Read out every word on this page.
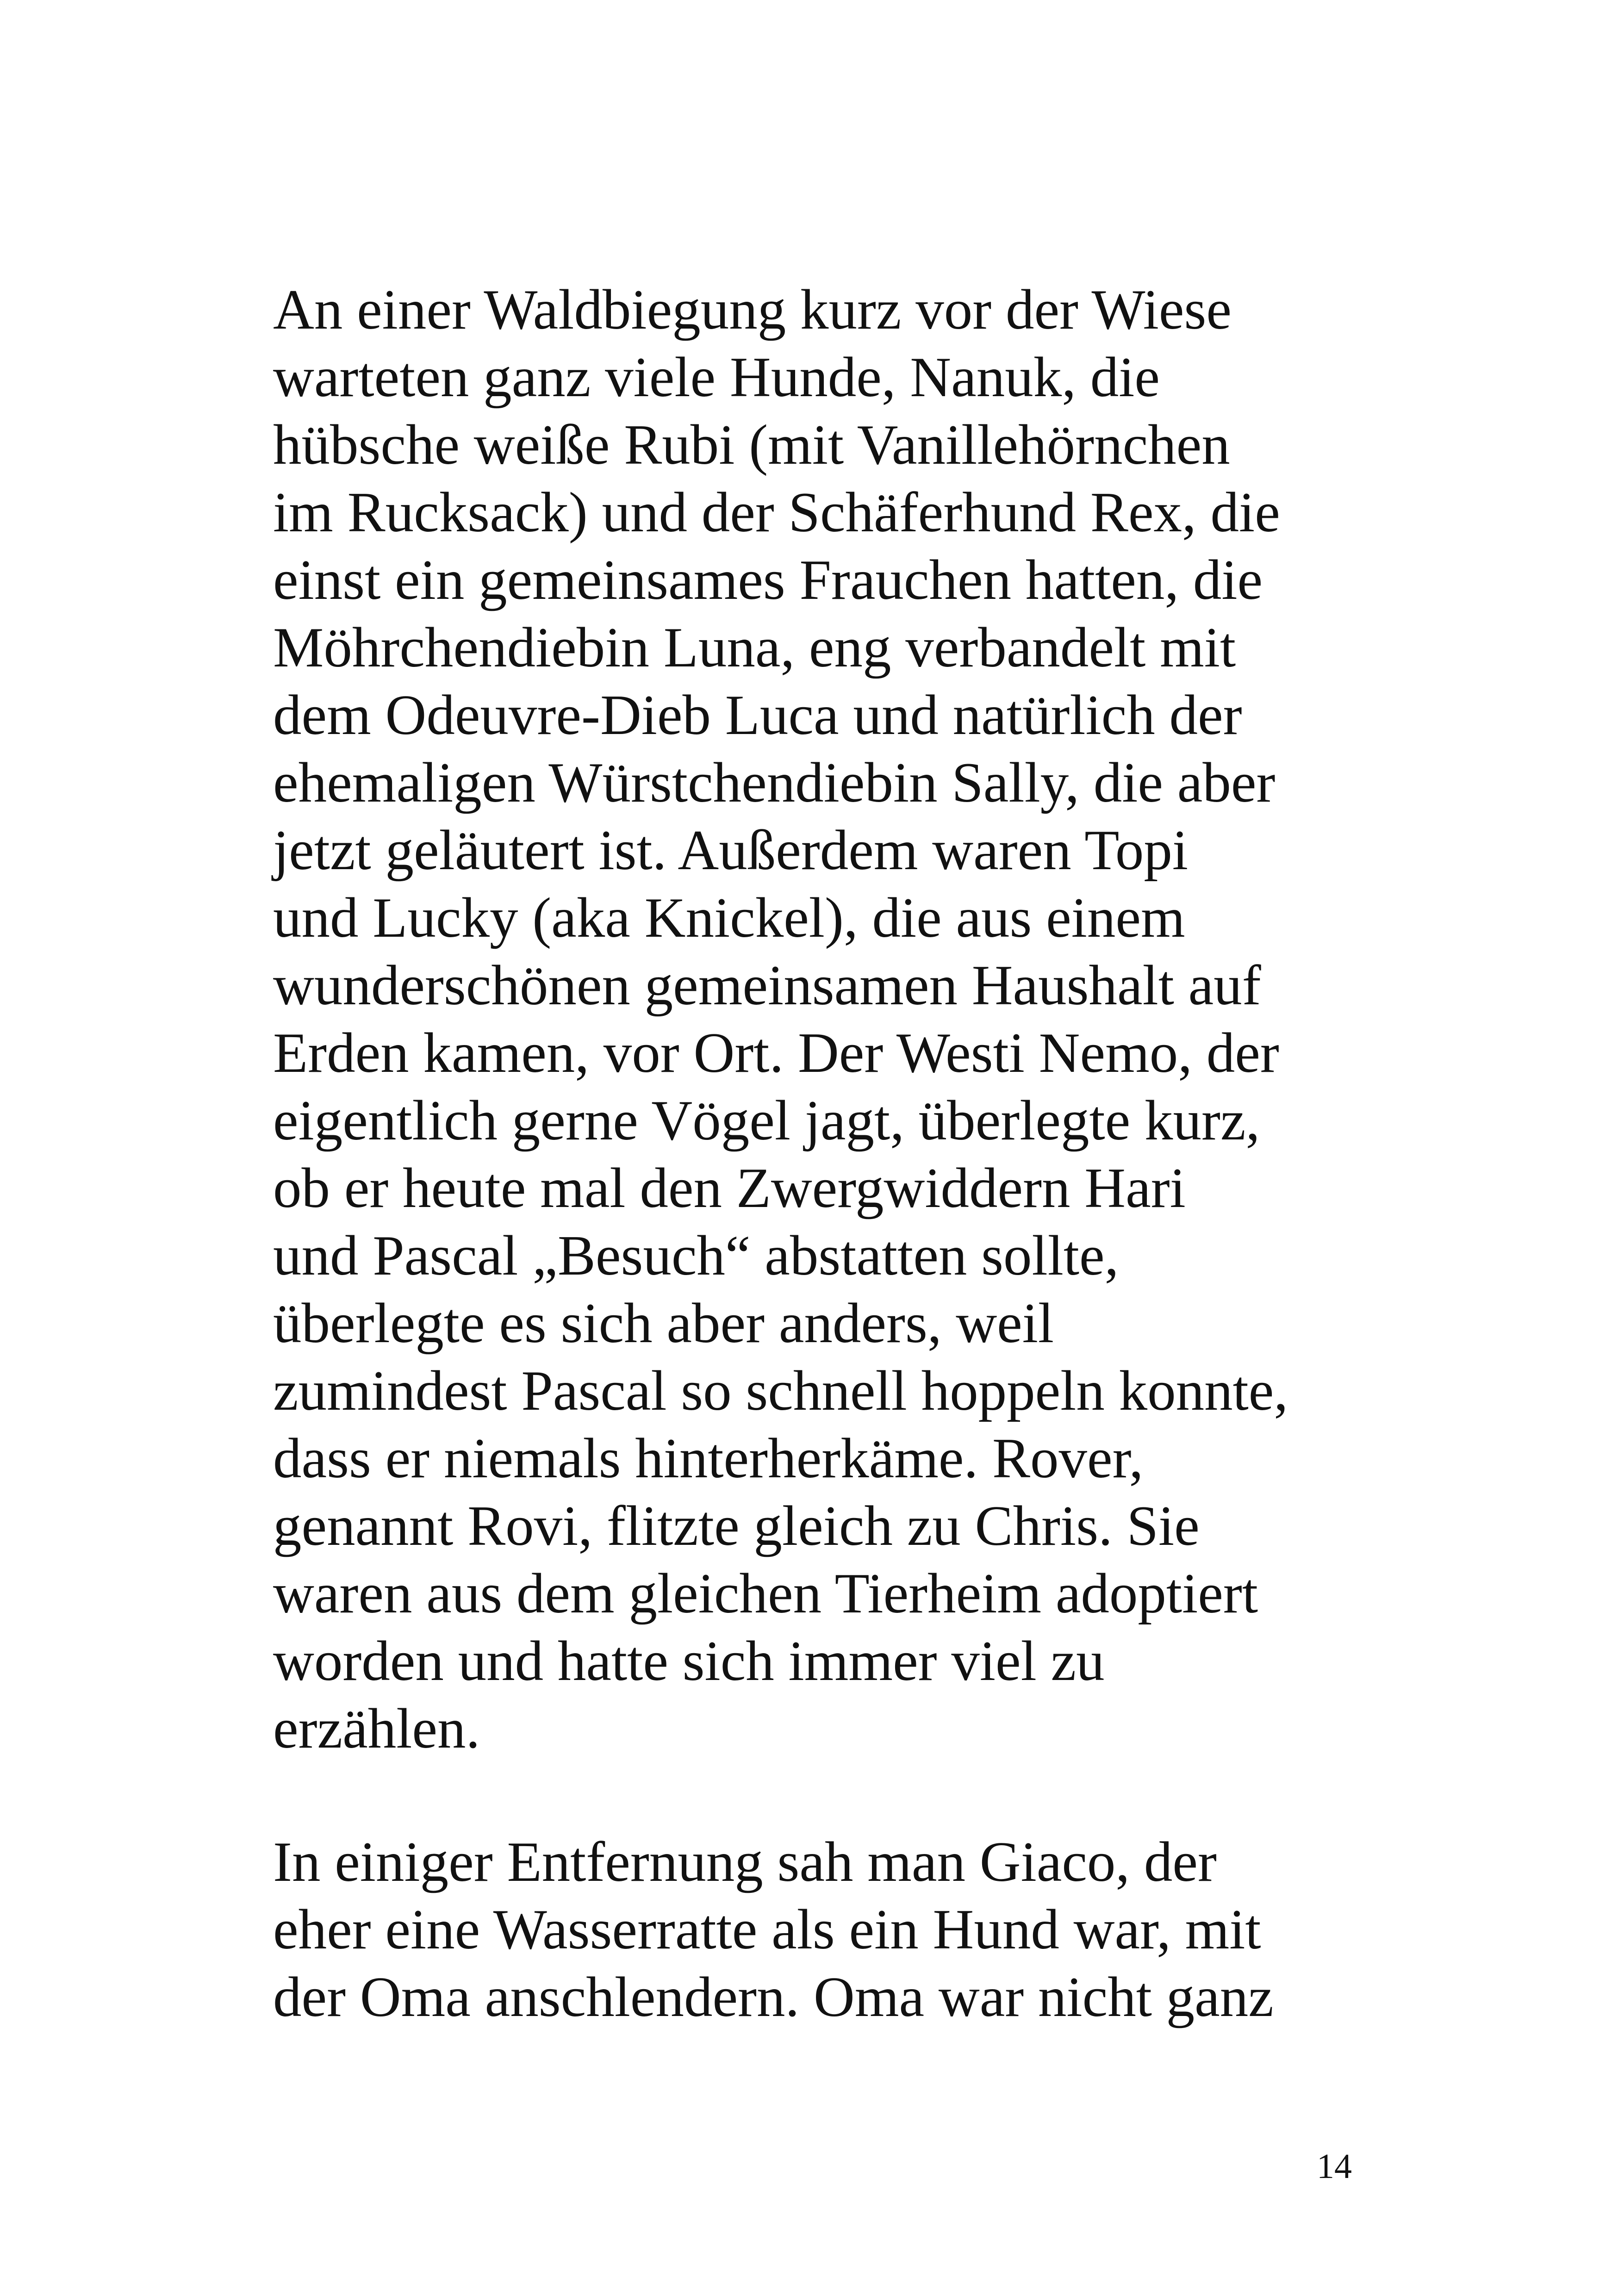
An einer Waldbiegung kurz vor der Wiese
warteten ganz viele Hunde, Nanuk, die
hübsche weiße Rubi (mit Vanillehörnchen
im Rucksack) und der Schäferhund Rex, die
einst ein gemeinsames Frauchen hatten, die
Möhrchendiebin Luna, eng verbandelt mit
dem Odeuvre-Dieb Luca und natürlich der
ehemaligen Würstchendiebin Sally, die aber
jetzt geläutert ist. Außerdem waren Topi
und Lucky (aka Knickel), die aus einem
wunderschönen gemeinsamen Haushalt auf
Erden kamen, vor Ort. Der Westi Nemo, der
eigentlich gerne Vögel jagt, überlegte kurz,
ob er heute mal den Zwergwiddern Hari
und Pascal „Besuch“ abstatten sollte,
überlegte es sich aber anders, weil
zumindest Pascal so schnell hoppeln konnte,
dass er niemals hinterherkäme. Rover,
genannt Rovi, flitzte gleich zu Chris. Sie
waren aus dem gleichen Tierheim adoptiert
worden und hatte sich immer viel zu
erzählen.
In einiger Entfernung sah man Giaco, der
eher eine Wasserratte als ein Hund war, mit
der Oma anschlendern. Oma war nicht ganz
14
